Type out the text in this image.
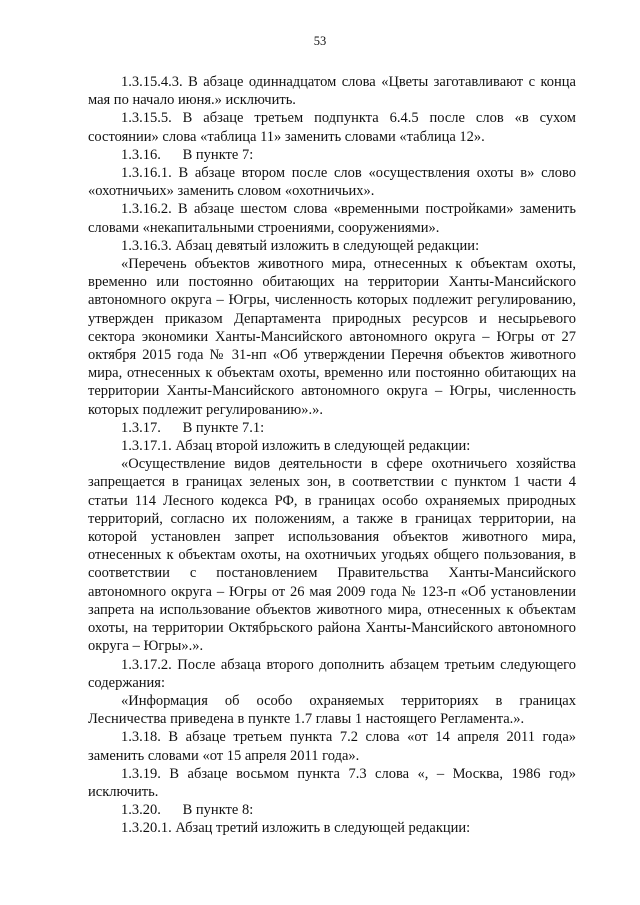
53

1.3.15.4.3. В абзаце одиннадцатом слова «Цветы заготавливают с конца мая по начало июня.» исключить.

1.3.15.5. В абзаце третьем подпункта 6.4.5 после слов «в сухом состоянии» слова «таблица 11» заменить словами «таблица 12».

1.3.16.      В пункте 7:

1.3.16.1. В абзаце втором после слов «осуществления охоты в» слово «охотничьих» заменить словом «охотничьих».

1.3.16.2. В абзаце шестом слова «временными постройками» заменить словами «некапитальными строениями, сооружениями».

1.3.16.3. Абзац девятый изложить в следующей редакции:

«Перечень объектов животного мира, отнесенных к объектам охоты, временно или постоянно обитающих на территории Ханты-Мансийского автономного округа – Югры, численность которых подлежит регулированию, утвержден приказом Департамента природных ресурсов и несырьевого сектора экономики Ханты-Мансийского автономного округа – Югры от 27 октября 2015 года № 31-нп «Об утверждении Перечня объектов животного мира, отнесенных к объектам охоты, временно или постоянно обитающих на территории Ханты-Мансийского автономного округа – Югры, численность которых подлежит регулированию».».

1.3.17.      В пункте 7.1:

1.3.17.1. Абзац второй изложить в следующей редакции:

«Осуществление видов деятельности в сфере охотничьего хозяйства запрещается в границах зеленых зон, в соответствии с пунктом 1 части 4 статьи 114 Лесного кодекса РФ, в границах особо охраняемых природных территорий, согласно их положениям, а также в границах территории, на которой установлен запрет использования объектов животного мира, отнесенных к объектам охоты, на охотничьих угодьях общего пользования, в соответствии с постановлением Правительства Ханты-Мансийского автономного округа – Югры от 26 мая 2009 года № 123-п «Об установлении запрета на использование объектов животного мира, отнесенных к объектам охоты, на территории Октябрьского района Ханты-Мансийского автономного округа – Югры».».

1.3.17.2. После абзаца второго дополнить абзацем третьим следующего содержания:

«Информация об особо охраняемых территориях в границах Лесничества приведена в пункте 1.7 главы 1 настоящего Регламента.».

1.3.18. В абзаце третьем пункта 7.2 слова «от 14 апреля 2011 года» заменить словами «от 15 апреля 2011 года».

1.3.19. В абзаце восьмом пункта 7.3 слова «, – Москва, 1986 год» исключить.

1.3.20.      В пункте 8:

1.3.20.1. Абзац третий изложить в следующей редакции:
